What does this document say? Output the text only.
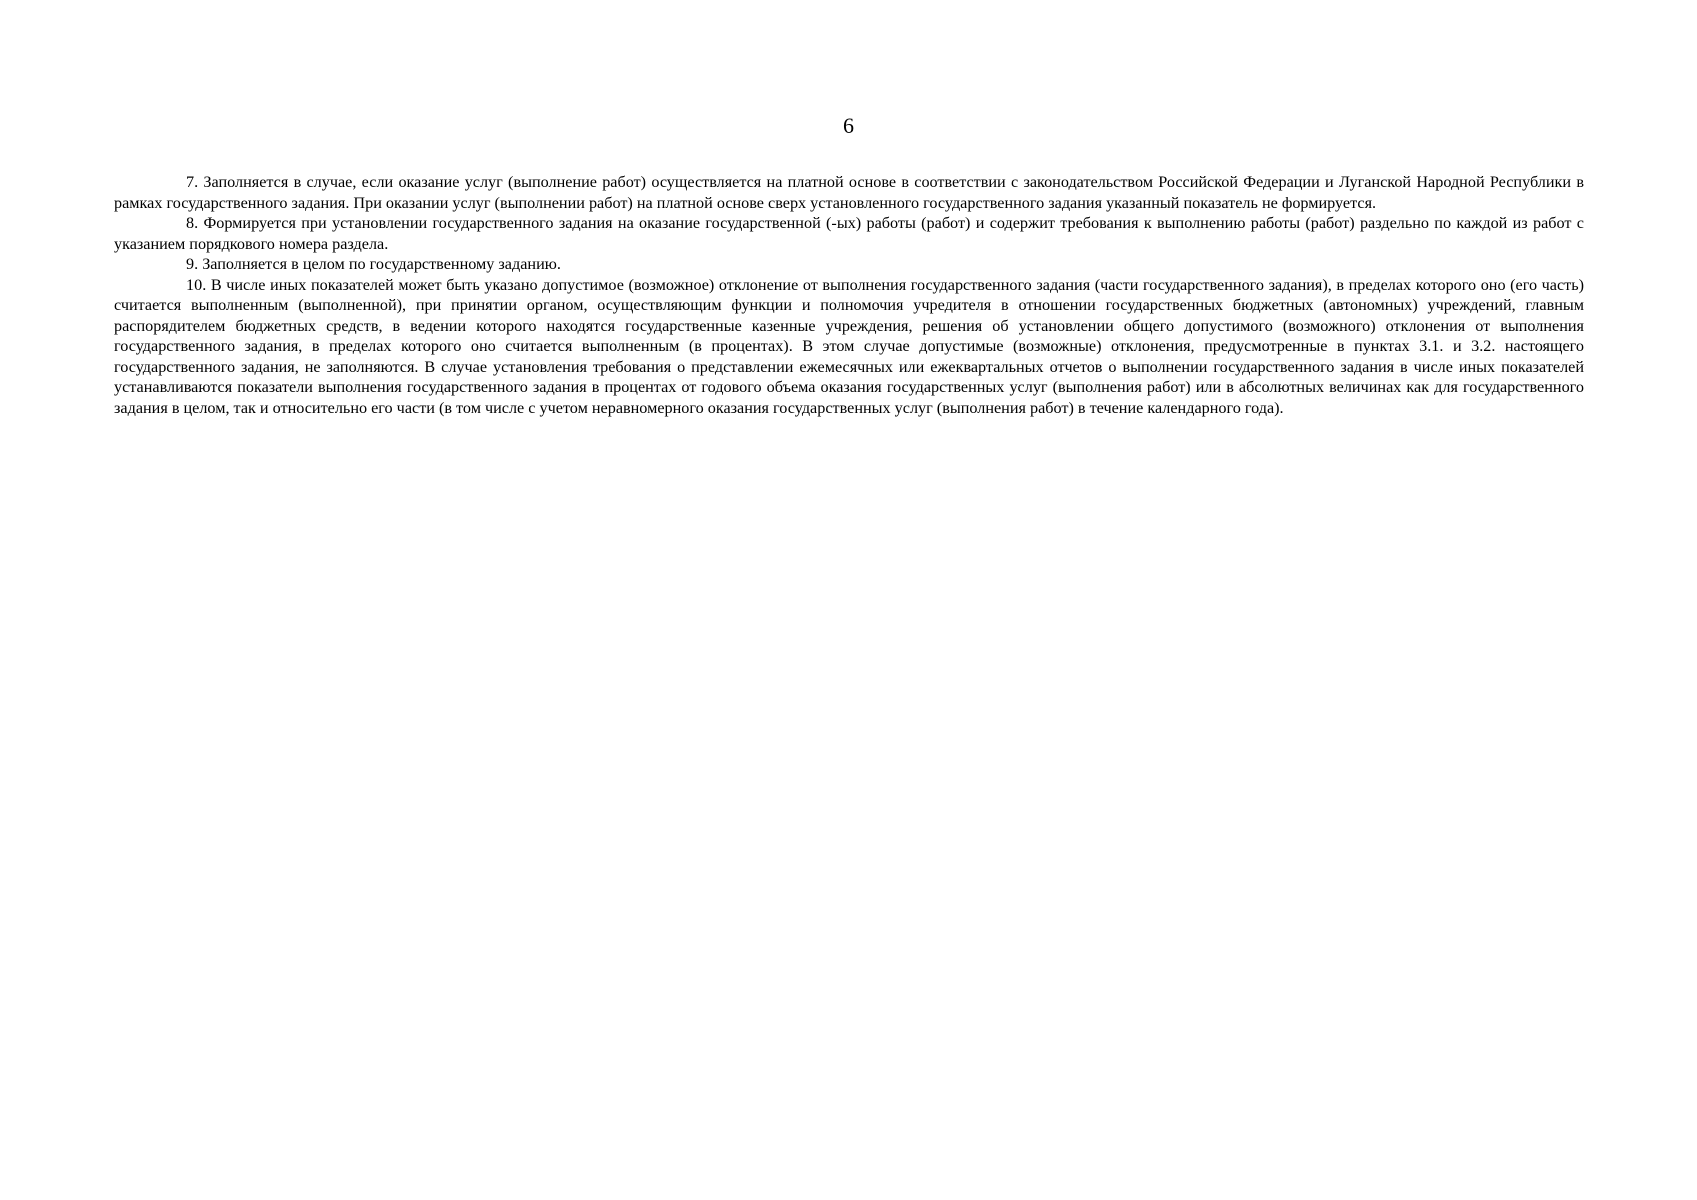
6

7. Заполняется в случае, если оказание услуг (выполнение работ) осуществляется на платной основе в соответствии с законодательством Российской Федерации и Луганской Народной Республики в рамках государственного задания. При оказании услуг (выполнении работ) на платной основе сверх установленного государственного задания указанный показатель не формируется.

8. Формируется при установлении государственного задания на оказание государственной (-ых) работы (работ) и содержит требования к выполнению работы (работ) раздельно по каждой из работ с указанием порядкового номера раздела.

9. Заполняется в целом по государственному заданию.

10. В числе иных показателей может быть указано допустимое (возможное) отклонение от выполнения государственного задания (части государственного задания), в пределах которого оно (его часть) считается выполненным (выполненной), при принятии органом, осуществляющим функции и полномочия учредителя в отношении государственных бюджетных (автономных) учреждений, главным распорядителем бюджетных средств, в ведении которого находятся государственные казенные учреждения, решения об установлении общего допустимого (возможного) отклонения от выполнения государственного задания, в пределах которого оно считается выполненным (в процентах). В этом случае допустимые (возможные) отклонения, предусмотренные в пунктах 3.1. и 3.2. настоящего государственного задания, не заполняются. В случае установления требования о представлении ежемесячных или ежеквартальных отчетов о выполнении государственного задания в числе иных показателей устанавливаются показатели выполнения государственного задания в процентах от годового объема оказания государственных услуг (выполнения работ) или в абсолютных величинах как для государственного задания в целом, так и относительно его части (в том числе с учетом неравномерного оказания государственных услуг (выполнения работ) в течение календарного года).
